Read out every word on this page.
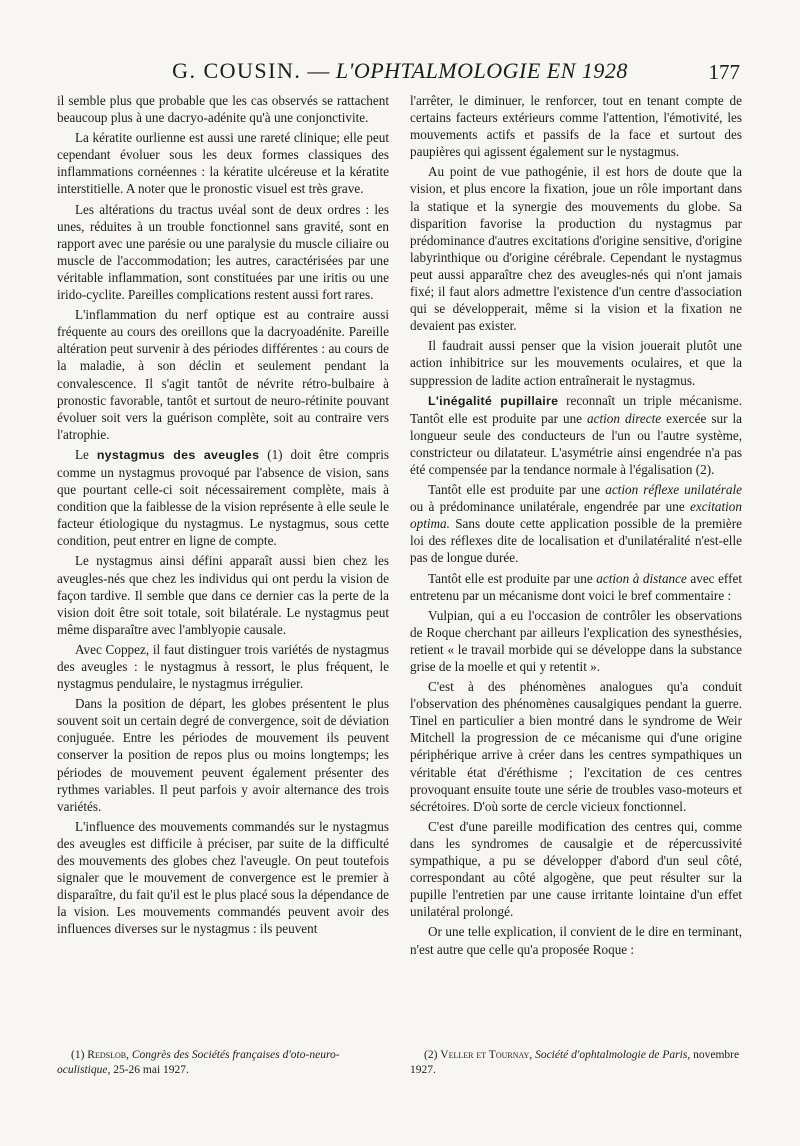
G. COUSIN. — L'OPHTALMOLOGIE EN 1928	177

il semble plus que probable que les cas observés se rattachent beaucoup plus à une dacryo-adénite qu'à une conjonctivite.

La kératite ourlienne est aussi une rareté clinique; elle peut cependant évoluer sous les deux formes classiques des inflammations cornéennes : la kératite ulcéreuse et la kératite interstitielle. A noter que le pronostic visuel est très grave.

Les altérations du tractus uvéal sont de deux ordres : les unes, réduites à un trouble fonctionnel sans gravité, sont en rapport avec une parésie ou une paralysie du muscle ciliaire ou muscle de l'accommodation; les autres, caractérisées par une véritable inflammation, sont constituées par une iritis ou une irido-cyclite. Pareilles complications restent aussi fort rares.

L'inflammation du nerf optique est au contraire aussi fréquente au cours des oreillons que la dacryoadénite. Pareille altération peut survenir à des périodes différentes : au cours de la maladie, à son déclin et seulement pendant la convalescence. Il s'agit tantôt de névrite rétro-bulbaire à pronostic favorable, tantôt et surtout de neuro-rétinite pouvant évoluer soit vers la guérison complète, soit au contraire vers l'atrophie.

Le nystagmus des aveugles (1) doit être compris comme un nystagmus provoqué par l'absence de vision, sans que pourtant celle-ci soit nécessairement complète, mais à condition que la faiblesse de la vision représente à elle seule le facteur étiologique du nystagmus. Le nystagmus, sous cette condition, peut entrer en ligne de compte.

Le nystagmus ainsi défini apparaît aussi bien chez les aveugles-nés que chez les individus qui ont perdu la vision de façon tardive. Il semble que dans ce dernier cas la perte de la vision doit être soit totale, soit bilatérale. Le nystagmus peut même disparaître avec l'amblyopie causale.

Avec Coppez, il faut distinguer trois variétés de nystagmus des aveugles : le nystagmus à ressort, le plus fréquent, le nystagmus pendulaire, le nystagmus irrégulier.

Dans la position de départ, les globes présentent le plus souvent soit un certain degré de convergence, soit de déviation conjuguée. Entre les périodes de mouvement ils peuvent conserver la position de repos plus ou moins longtemps; les périodes de mouvement peuvent également présenter des rythmes variables. Il peut parfois y avoir alternance des trois variétés.

L'influence des mouvements commandés sur le nystagmus des aveugles est difficile à préciser, par suite de la difficulté des mouvements des globes chez l'aveugle. On peut toutefois signaler que le mouvement de convergence est le premier à disparaître, du fait qu'il est le plus placé sous la dépendance de la vision. Les mouvements commandés peuvent avoir des influences diverses sur le nystagmus : ils peuvent

l'arrêter, le diminuer, le renforcer, tout en tenant compte de certains facteurs extérieurs comme l'attention, l'émotivité, les mouvements actifs et passifs de la face et surtout des paupières qui agissent également sur le nystagmus.

Au point de vue pathogénie, il est hors de doute que la vision, et plus encore la fixation, joue un rôle important dans la statique et la synergie des mouvements du globe. Sa disparition favorise la production du nystagmus par prédominance d'autres excitations d'origine sensitive, d'origine labyrinthique ou d'origine cérébrale. Cependant le nystagmus peut aussi apparaître chez des aveugles-nés qui n'ont jamais fixé; il faut alors admettre l'existence d'un centre d'association qui se développerait, même si la vision et la fixation ne devaient pas exister.

Il faudrait aussi penser que la vision jouerait plutôt une action inhibitrice sur les mouvements oculaires, et que la suppression de ladite action entraînerait le nystagmus.

L'inégalité pupillaire reconnaît un triple mécanisme. Tantôt elle est produite par une action directe exercée sur la longueur seule des conducteurs de l'un ou l'autre système, constricteur ou dilatateur. L'asymétrie ainsi engendrée n'a pas été compensée par la tendance normale à l'égalisation (2).

Tantôt elle est produite par une action réflexe unilatérale ou à prédominance unilatérale, engendrée par une excitation optima. Sans doute cette application possible de la première loi des réflexes dite de localisation et d'unilatéralité n'est-elle pas de longue durée.

Tantôt elle est produite par une action à distance avec effet entretenu par un mécanisme dont voici le bref commentaire :

Vulpian, qui a eu l'occasion de contrôler les observations de Roque cherchant par ailleurs l'explication des synesthésies, retient « le travail morbide qui se développe dans la substance grise de la moelle et qui y retentit ».

C'est à des phénomènes analogues qu'a conduit l'observation des phénomènes causalgiques pendant la guerre. Tinel en particulier a bien montré dans le syndrome de Weir Mitchell la progression de ce mécanisme qui d'une origine périphérique arrive à créer dans les centres sympathiques un véritable état d'éréthisme ; l'excitation de ces centres provoquant ensuite toute une série de troubles vaso-moteurs et sécrétoires. D'où sorte de cercle vicieux fonctionnel.

C'est d'une pareille modification des centres qui, comme dans les syndromes de causalgie et de répercussivité sympathique, a pu se développer d'abord d'un seul côté, correspondant au côté algogène, que peut résulter sur la pupille l'entretien par une cause irritante lointaine d'un effet unilatéral prolongé.

Or une telle explication, il convient de le dire en terminant, n'est autre que celle qu'a proposée Roque :

(1) Redslob, Congrès des Sociétés françaises d'oto-neuro-oculistique, 25-26 mai 1927.
(2) Veller et Tournay, Société d'ophtalmologie de Paris, novembre 1927.
